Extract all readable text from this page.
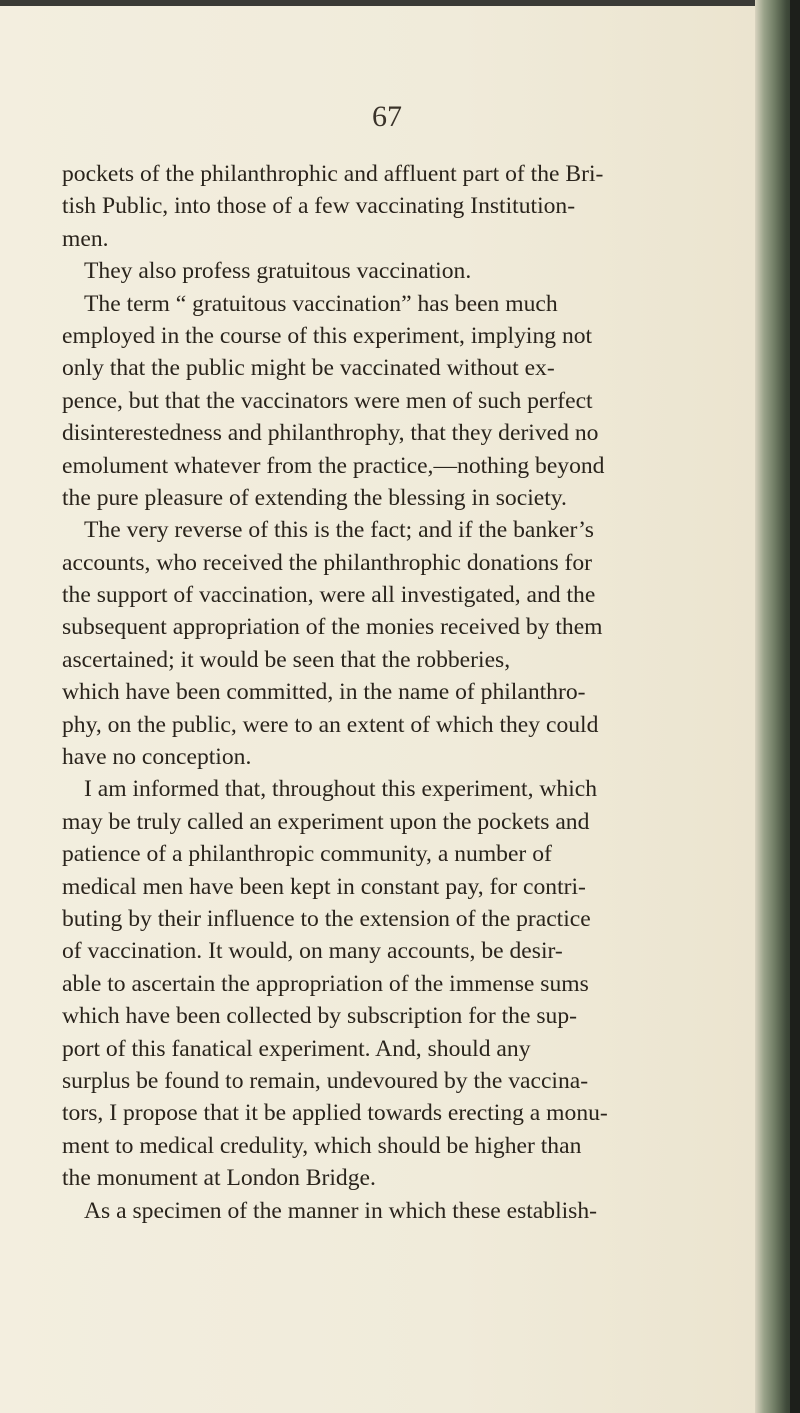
67
pockets of the philanthrophic and affluent part of the Bri-
tish Public, into those of a few vaccinating Institution-
men.
They also profess gratuitous vaccination.
The term “ gratuitous vaccination” has been much
employed in the course of this experiment, implying not
only that the public might be vaccinated without ex-
pence, but that the vaccinators were men of such perfect
disinterestedness and philanthrophy, that they derived no
emolument whatever from the practice,—nothing beyond
the pure pleasure of extending the blessing in society.
The very reverse of this is the fact; and if the banker’s
accounts, who received the philanthrophic donations for
the support of vaccination, were all investigated, and the
subsequent appropriation of the monies received by them
ascertained; it would be seen that the robberies,
which have been committed, in the name of philanthro-
phy, on the public, were to an extent of which they could
have no conception.
I am informed that, throughout this experiment, which
may be truly called an experiment upon the pockets and
patience of a philanthropic community, a number of
medical men have been kept in constant pay, for contri-
buting by their influence to the extension of the practice
of vaccination. It would, on many accounts, be desir-
able to ascertain the appropriation of the immense sums
which have been collected by subscription for the sup-
port of this fanatical experiment. And, should any
surplus be found to remain, undevoured by the vaccina-
tors, I propose that it be applied towards erecting a monu-
ment to medical credulity, which should be higher than
the monument at London Bridge.
As a specimen of the manner in which these establish-
